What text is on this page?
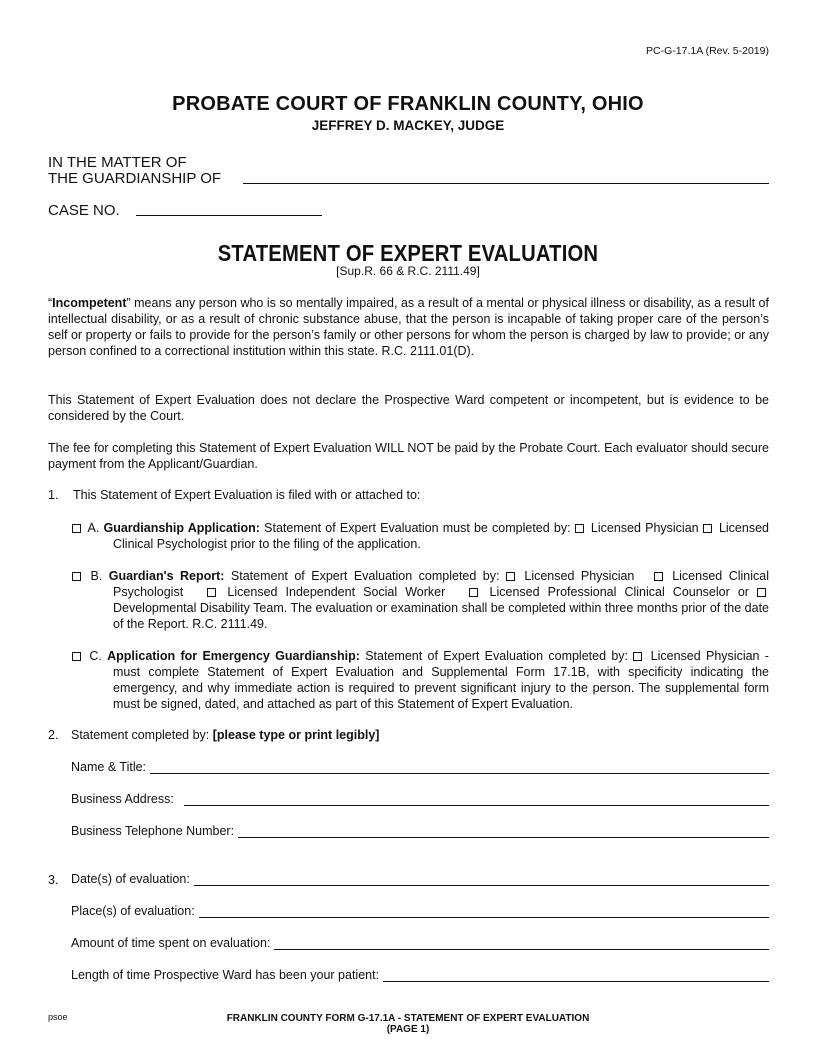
PC-G-17.1A (Rev. 5-2019)
PROBATE COURT OF FRANKLIN COUNTY, OHIO
JEFFREY D. MACKEY, JUDGE
IN THE MATTER OF
THE GUARDIANSHIP OF
CASE NO.
STATEMENT OF EXPERT EVALUATION
[Sup.R. 66 & R.C. 2111.49]
“Incompetent” means any person who is so mentally impaired, as a result of a mental or physical illness or disability, as a result of intellectual disability, or as a result of chronic substance abuse, that the person is incapable of taking proper care of the person’s self or property or fails to provide for the person’s family or other persons for whom the person is charged by law to provide; or any person confined to a correctional institution within this state. R.C. 2111.01(D).
This Statement of Expert Evaluation does not declare the Prospective Ward competent or incompetent, but is evidence to be considered by the Court.
The fee for completing this Statement of Expert Evaluation WILL NOT be paid by the Probate Court. Each evaluator should secure payment from the Applicant/Guardian.
1. This Statement of Expert Evaluation is filed with or attached to:
A. Guardianship Application: Statement of Expert Evaluation must be completed by:  Licensed Physician  Licensed Clinical Psychologist prior to the filing of the application.
B. Guardian's Report: Statement of Expert Evaluation completed by:  Licensed Physician	Licensed Clinical Psychologist	Licensed Independent Social Worker	Licensed Professional Clinical Counselor or  Developmental Disability Team. The evaluation or examination shall be completed within three months prior of the date of the Report. R.C. 2111.49.
C. Application for Emergency Guardianship: Statement of Expert Evaluation completed by:  Licensed Physician - must complete Statement of Expert Evaluation and Supplemental Form 17.1B, with specificity indicating the emergency, and why immediate action is required to prevent significant injury to the person. The supplemental form must be signed, dated, and attached as part of this Statement of Expert Evaluation.
2. Statement completed by: [please type or print legibly]
Name & Title:
Business Address:
Business Telephone Number:
3. Date(s) of evaluation:
Place(s) of evaluation:
Amount of time spent on evaluation:
Length of time Prospective Ward has been your patient:
psoe	FRANKLIN COUNTY FORM G-17.1A - STATEMENT OF EXPERT EVALUATION
(PAGE 1)
